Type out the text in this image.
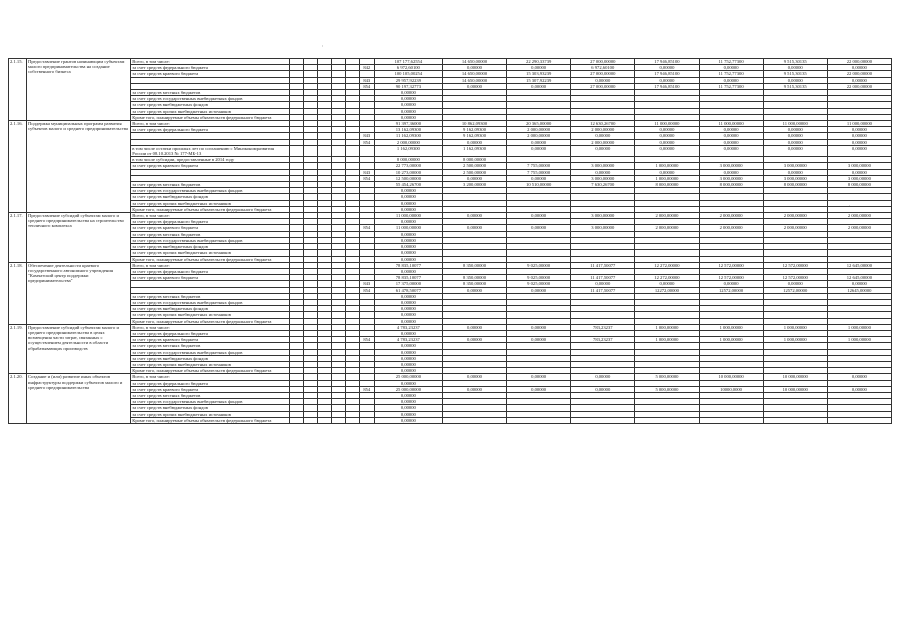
'
'
2.1.15.	Предоставление грантов начинающим субъектам малого предпринимательства на создание собственного бизнеса	Всего, в том числе:							107 177,62554	14 650,00000	22 290,33739	27 000,00000	17 946,85100	11 752,77300	9 515,30135	22 000,00000
		за счет средств федерального бюджета						842	6 972,60100	0,00000	0,00000	6 972,60100	0,00000	0,00000	0,00000	0,00000
		за счет средств краевого бюджета							100 105,00254	14 650,00000	15 303,93239	27 000,00000	17 946,85100	11 752,77300	9 515,30135	22 000,00000
								843	29 957,92239	14 650,00000	15 307,92239	0,00000	0,00000	0,00000	0,00000	0,00000
								854	90 197,32773	0,00000	0,00000	27 000,00000	17 946,85100	11 752,77300	9 515,30135	22 000,00000
		за счет средств местных бюджетов							0,00000							
		за счет средств государственных внебюджетных фондов							0,00000							
		за счет средств внебюджетных фондов							0,00000							
		за счет средств прочих внебюджетных источников							0,00000							
		Кроме того, планируемые объемы обязательств федерального бюджета							0,00000							
2.1.16.	Поддержка муниципальных программ развития субъектов малого и среднего предпринимательства	Всего, в том числе:							91 397,36000	10 862,09300	20 365,00000	12 630,26700	11 000,00000	11 000,00000	11 000,00000	11 000,00000
		за счет средств федерального бюджета							13 162,09300	9 162,09300	2 000,00000	2 000,00000	0,00000	0,00000	0,00000	0,00000
								843	11 162,09300	9 162,09300	2 000,00000	0,00000	0,00000	0,00000	0,00000	0,00000
								854	2 000,00000	0,00000	0,00000	2 000,00000	0,00000	0,00000	0,00000	0,00000
		в том числе остатки прошлых лет по соглашению с Минэкономразвития России от 08.10.2013 № 177-МБ-13							1 162,09300	1 162,09300	0,00000	0,00000	0,00000	0,00000	0,00000	0,00000
		в том числе субсидии, предоставленные в 2014 году							8 000,00000	8 000,00000						
		за счет средств краевого бюджета							22 773,00000	2 500,00000	7 755,00000	3 000,00000	1 000,00000	3 000,00000	3 000,00000	3 000,00000
								843	10 273,00000	2 500,00000	7 755,00000	0,00000	0,00000	0,00000	0,00000	0,00000
								854	12 500,00000	0,00000	0,00000	3 000,00000	1 000,00000	3 000,00000	3 000,00000	3 000,00000
		за счет средств местных бюджетов							55 454,26700	3 200,00000	10 510,00000	7 630,26700	8 000,00000	8 000,00000	8 000,00000	8 000,00000
		за счет средств государственных внебюджетных фондов							0,00000							
		за счет средств внебюджетных фондов							0,00000							
		за счет средств прочих внебюджетных источников							0,00000							
		Кроме того, планируемые объемы обязательств федерального бюджета							0,00000							
2.1.17.	Предоставление субсидий субъектам малого и среднего предпринимательства на строительство тепличного комплекса	Всего, в том числе:							11 000,00000	0,00000	0,00000	3 000,00000	2 000,00000	2 000,00000	2 000,00000	2 000,00000
		за счет средств федерального бюджета							0,00000							
		за счет средств краевого бюджета						854	11 000,00000	0,00000	0,00000	3 000,00000	2 000,00000	2 000,00000	2 000,00000	2 000,00000
		за счет средств местных бюджетов							0,00000							
		за счет средств государственных внебюджетных фондов							0,00000							
		за счет средств внебюджетных фондов							0,00000							
		за счет средств прочих внебюджетных источников							0,00000							
		Кроме того, планируемые объемы обязательств федерального бюджета							0,00000							
2.1.18.	Обеспечение деятельности краевого государственного автономного учреждения "Камчатский центр поддержки предпринимательства"	Всего, в том числе:							78 835,10077	8 350,00000	9 025,00000	11 417,50077	12 272,00000	12 572,00000	12 572,00000	12 645,00000
		за счет средств федерального бюджета							0,00000							
		за счет средств краевого бюджета							78 835,10077	8 350,00000	9 025,00000	11 417,50077	12 272,00000	12 572,00000	12 572,00000	12 645,00000
								843	17 375,00000	8 350,00000	9 025,00000	0,00000	0,00000	0,00000	0,00000	0,00000
								854	61 478,50077	0,00000	0,00000	11 417,50077	12272,00000	12572,00000	12572,00000	12645,00000
		за счет средств местных бюджетов							0,00000							
		за счет средств государственных внебюджетных фондов							0,00000							
		за счет средств внебюджетных фондов							0,00000							
		за счет средств прочих внебюджетных источников							0,00000							
		Кроме того, планируемые объемы обязательств федерального бюджета							0,00000							
2.1.19.	Предоставление субсидий субъектам малого и среднего предпринимательства в целях возмещения части затрат, связанных с осуществлением деятельности в области обрабатывающих производств	Всего, в том числе:							4 783,23237	0,00000	0,00000	783,23237	1 000,00000	1 000,00000	1 000,00000	1 000,00000
		за счет средств федерального бюджета							0,00000							
		за счет средств краевого бюджета						854	4 783,23237	0,00000	0,00000	783,23237	1 000,00000	1 000,00000	1 000,00000	1 000,00000
		за счет средств местных бюджетов							0,00000							
		за счет средств государственных внебюджетных фондов							0,00000							
		за счет средств внебюджетных фондов							0,00000							
		за счет средств прочих внебюджетных источников							0,00000							
		Кроме того, планируемые объемы обязательств федерального бюджета							0,00000							
2.1.20.	Создание и (или) развитие иных объектов инфраструктуры поддержки субъектов малого и среднего предпринимательства	Всего, в том числе:							25 000,00000	0,00000	0,00000	0,00000	5 000,00000	10 000,00000	10 000,00000	0,00000
		за счет средств федерального бюджета							0,00000							
		за счет средств краевого бюджета						854	25 000,00000	0,00000	0,00000	0,00000	5 000,00000	10000,0000	10 000,00000	0,00000
		за счет средств местных бюджетов							0,00000							
		за счет средств государственных внебюджетных фондов							0,00000							
		за счет средств внебюджетных фондов							0,00000							
		за счет средств прочих внебюджетных источников							0,00000							
		Кроме того, планируемые объемы обязательств федерального бюджета							0,00000							
